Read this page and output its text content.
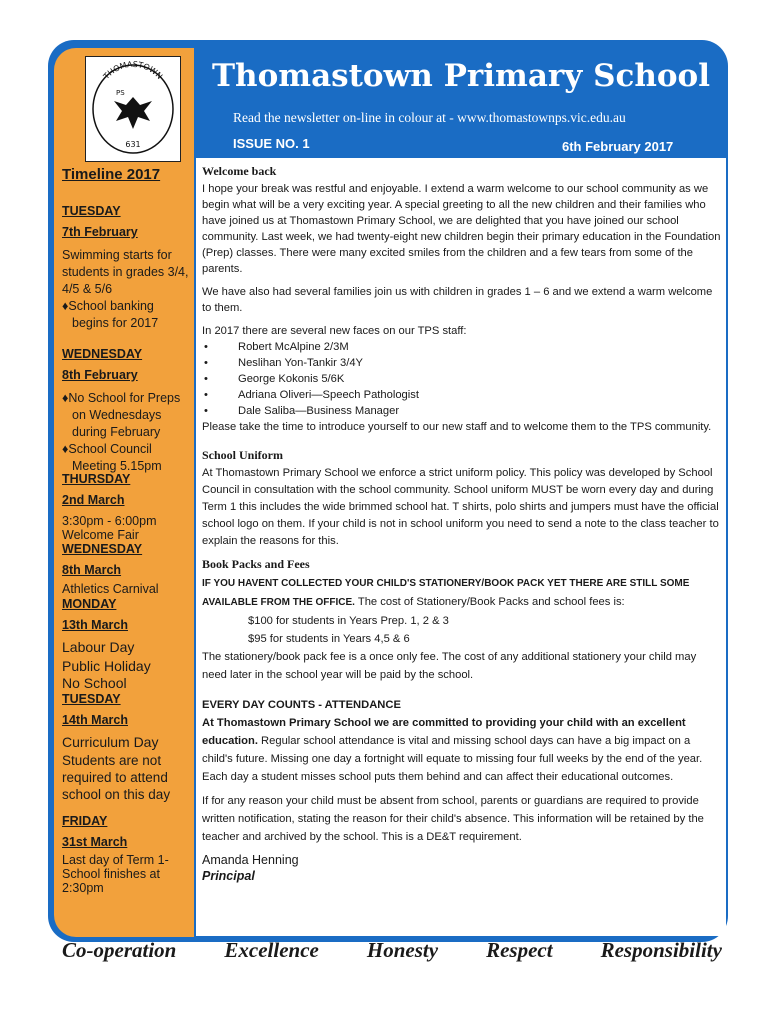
THOMASTOWN
PS
631
Thomastown Primary School
Read the newsletter on-line in colour at - www.thomastownps.vic.edu.au
ISSUE NO. 1	6th February 2017

Timeline 2017

TUESDAY

7th February

Swimming starts for students in grades 3/4, 4/5 & 5/6

♦School banking begins for 2017

WEDNESDAY

8th February

♦No School for Preps on Wednesdays during February

♦School Council Meeting 5.15pm

THURSDAY

2nd March

3:30pm - 6:00pm

Welcome Fair

WEDNESDAY

8th March

Athletics Carnival

MONDAY

13th March

Labour Day

Public Holiday

No School

TUESDAY

14th March

Curriculum Day

Students are not required to attend school on this day

FRIDAY

31st March

Last day of Term 1- School finishes at 2:30pm

Welcome back

I hope your break was restful and enjoyable. I extend a warm welcome to our school community as we begin what will be a very exciting year. A special greeting to all the new children and their families who have joined us at Thomastown Primary School, we are delighted that you have joined our school community. Last week, we had twenty-eight new children begin their primary education in the Foundation (Prep) classes. There were many excited smiles from the children and a few tears from some of the parents.

We have also had several families join us with children in grades 1 – 6 and we extend a warm welcome to them.

In 2017 there are several new faces on our TPS staff:

• Robert McAlpine 2/3M
• Neslihan Yon-Tankir 3/4Y
• George Kokonis 5/6K
• Adriana Oliveri—Speech Pathologist
• Dale Saliba—Business Manager

Please take the time to introduce yourself to our new staff and to welcome them to the TPS community.

School Uniform

At Thomastown Primary School we enforce a strict uniform policy. This policy was developed by School Council in consultation with the school community. School uniform MUST be worn every day and during Term 1 this includes the wide brimmed school hat. T shirts, polo shirts and jumpers must have the official school logo on them. If your child is not in school uniform you need to send a note to the class teacher to explain the reasons for this.

Book Packs and Fees

IF YOU HAVENT COLLECTED YOUR CHILD'S STATIONERY/BOOK PACK YET THERE ARE STILL SOME AVAILABLE FROM THE OFFICE. The cost of Stationery/Book Packs and school fees is:

$100 for students in Years Prep. 1, 2 & 3

$95 for students in Years 4,5 & 6

The stationery/book pack fee is a once only fee. The cost of any additional stationery your child may need later in the school year will be paid by the school.

EVERY DAY COUNTS - ATTENDANCE

At Thomastown Primary School we are committed to providing your child with an excellent education. Regular school attendance is vital and missing school days can have a big impact on a child's future. Missing one day a fortnight will equate to missing four full weeks by the end of the year. Each day a student misses school puts them behind and can affect their educational outcomes.

If for any reason your child must be absent from school, parents or guardians are required to provide written notification, stating the reason for their child's absence. This information will be retained by the teacher and archived by the school. This is a DE&T requirement.

Amanda Henning

Principal

Co-operation Excellence Honesty Respect Responsibility
